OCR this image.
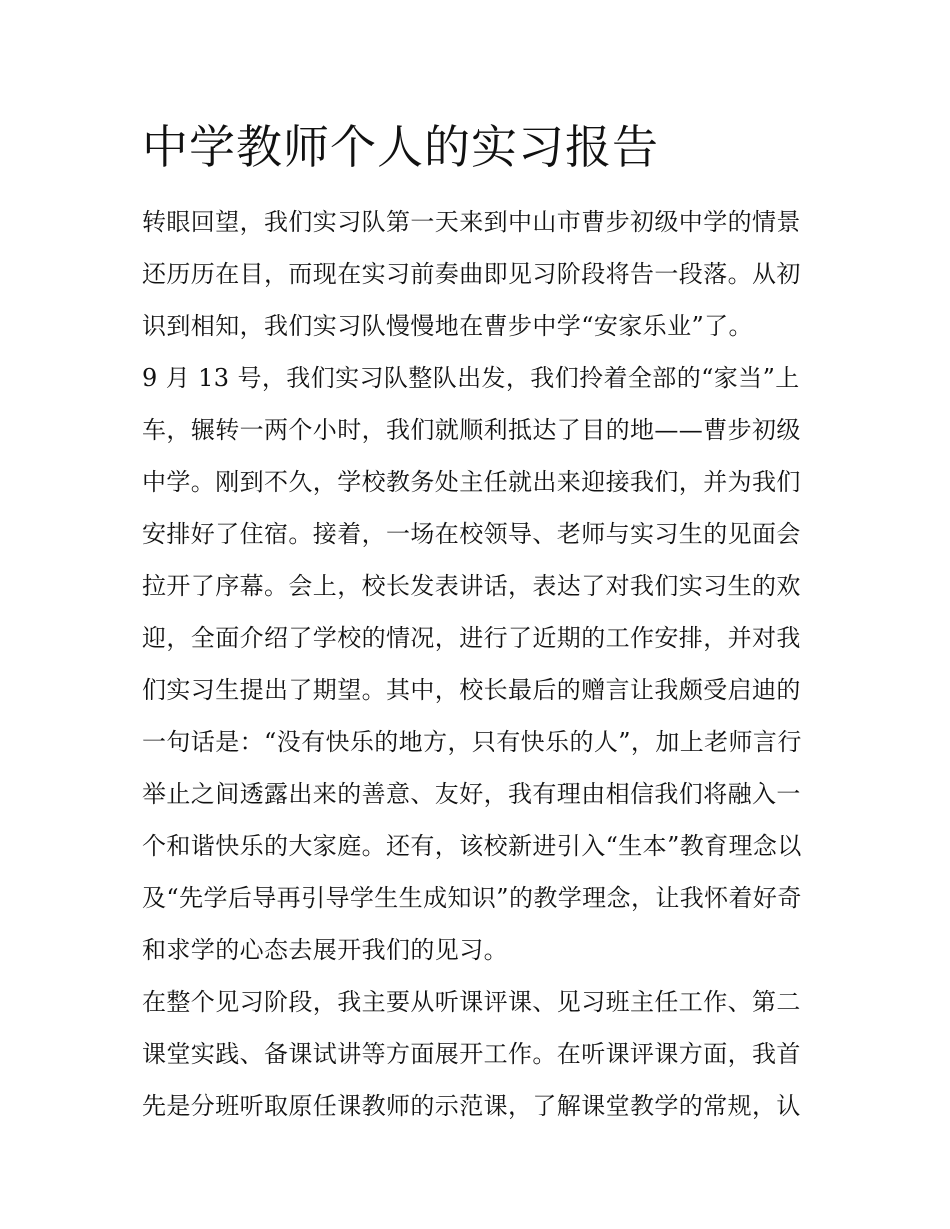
中学教师个人的实习报告
转眼回望，我们实习队第一天来到中山市曹步初级中学的情景
还历历在目，而现在实习前奏曲即见习阶段将告一段落。从初
识到相知，我们实习队慢慢地在曹步中学“安家乐业”了。
9 月 13 号，我们实习队整队出发，我们拎着全部的“家当”上
车，辗转一两个小时，我们就顺利抵达了目的地——曹步初级
中学。刚到不久，学校教务处主任就出来迎接我们，并为我们
安排好了住宿。接着，一场在校领导、老师与实习生的见面会
拉开了序幕。会上，校长发表讲话，表达了对我们实习生的欢
迎，全面介绍了学校的情况，进行了近期的工作安排，并对我
们实习生提出了期望。其中，校长最后的赠言让我颇受启迪的
一句话是：“没有快乐的地方，只有快乐的人”，加上老师言行
举止之间透露出来的善意、友好，我有理由相信我们将融入一
个和谐快乐的大家庭。还有，该校新进引入“生本”教育理念以
及“先学后导再引导学生生成知识”的教学理念，让我怀着好奇
和求学的心态去展开我们的见习。
在整个见习阶段，我主要从听课评课、见习班主任工作、第二
课堂实践、备课试讲等方面展开工作。在听课评课方面，我首
先是分班听取原任课教师的示范课，了解课堂教学的常规，认
